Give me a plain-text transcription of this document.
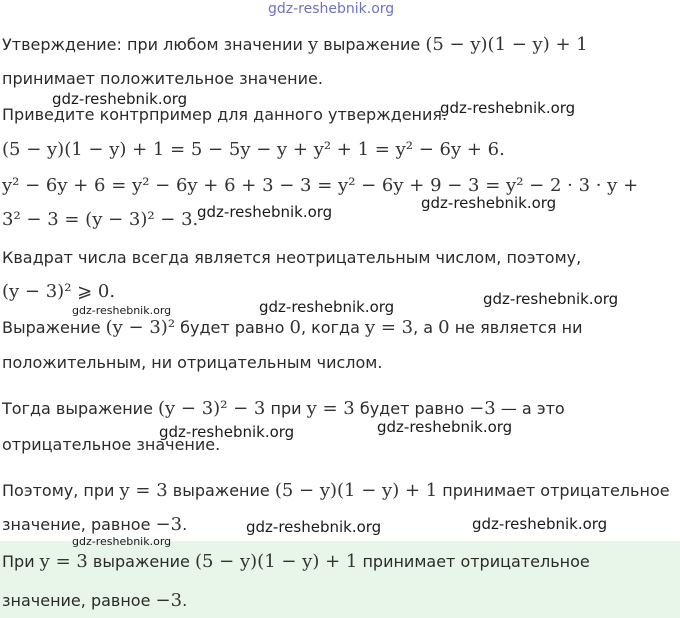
gdz-reshebnik.org
Утверждение: при любом значении y выражение (5 − y)(1 − y) + 1
принимает положительное значение.
Приведите контрпример для данного утверждения.
(5 − y)(1 − y) + 1 = 5 − 5y − y + y² + 1 = y² − 6y + 6.
y² − 6y + 6 = y² − 6y + 6 + 3 − 3 = y² − 6y + 9 − 3 = y² − 2 · 3 · y +
3² − 3 = (y − 3)² − 3.
Квадрат числа всегда является неотрицательным числом, поэтому,
(y − 3)² ⩾ 0.
Выражение (y − 3)² будет равно 0, когда y = 3, а 0 не является ни
положительным, ни отрицательным числом.
Тогда выражение (y − 3)² − 3 при y = 3 будет равно −3 — а это
отрицательное значение.
Поэтому, при y = 3 выражение (5 − y)(1 − y) + 1 принимает отрицательное
значение, равное −3.
При y = 3 выражение (5 − y)(1 − y) + 1 принимает отрицательное
значение, равное −3.
gdz-reshebnik.org	gdz-reshebnik.org
gdz-reshebnik.org	gdz-reshebnik.org
gdz-reshebnik.org	gdz-reshebnik.org
gdz-reshebnik.org
gdz-reshebnik.org	gdz-reshebnik.org
gdz-reshebnik.org	gdz-reshebnik.org
gdz-reshebnik.org
